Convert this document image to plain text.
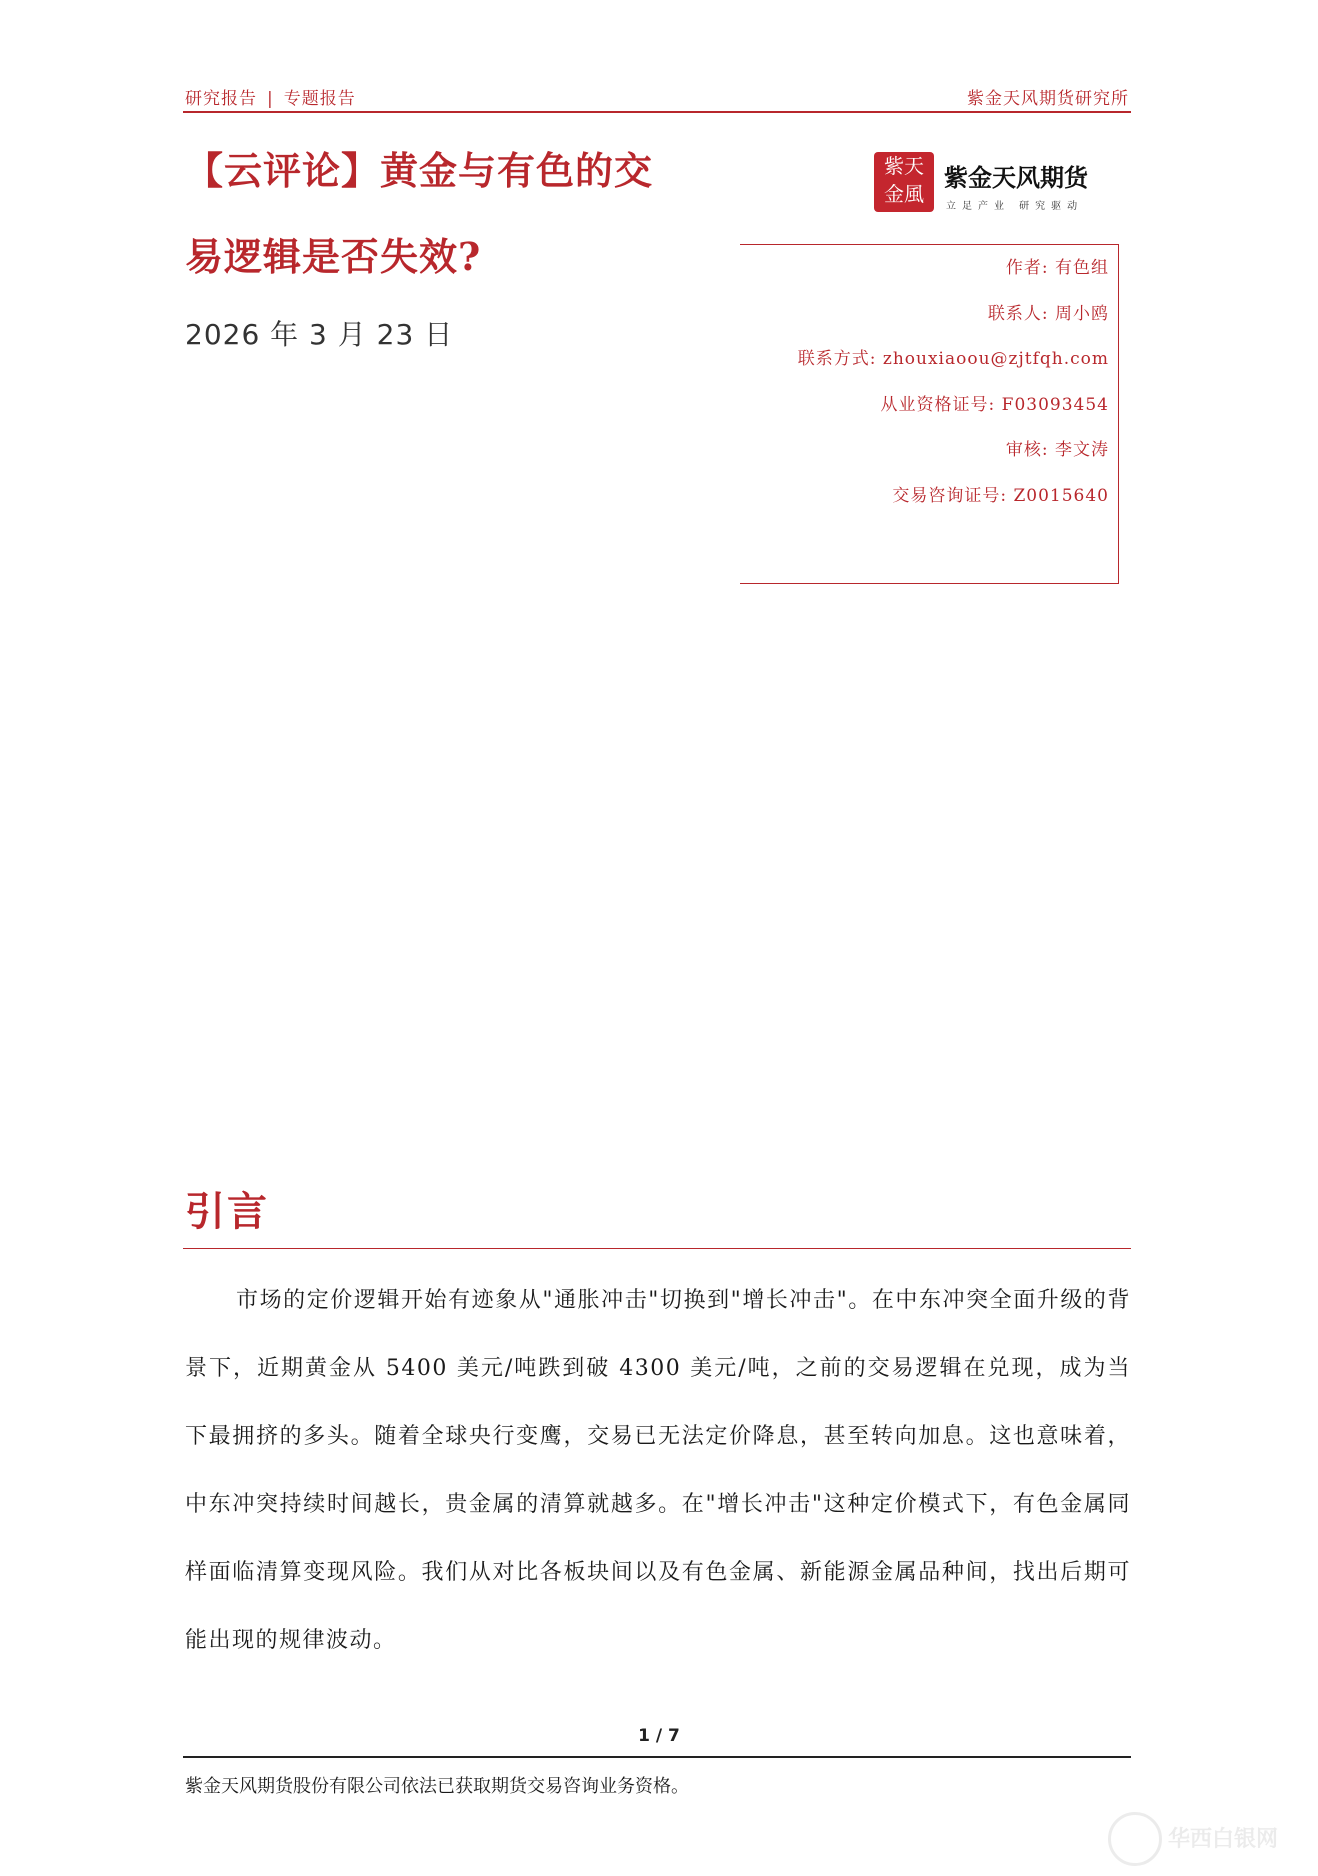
研究报告 | 专题报告	紫金天风期货研究所
【云评论】黄金与有色的交
易逻辑是否失效?
2026 年 3 月 23 日
紫天
金風
紫金天风期货
立足产业 研究驱动
作者: 有色组
联系人: 周小鸥
联系方式: zhouxiaoou@zjtfqh.com
从业资格证号: F03093454
审核: 李文涛
交易咨询证号: Z0015640
引言

市场的定价逻辑开始有迹象从"通胀冲击"切换到"增长冲击"。在中东冲突全面升级的背景下，近期黄金从 5400 美元/吨跌到破 4300 美元/吨，之前的交易逻辑在兑现，成为当下最拥挤的多头。随着全球央行变鹰，交易已无法定价降息，甚至转向加息。这也意味着，中东冲突持续时间越长，贵金属的清算就越多。在"增长冲击"这种定价模式下，有色金属同样面临清算变现风险。我们从对比各板块间以及有色金属、新能源金属品种间，找出后期可能出现的规律波动。

1 / 7
紫金天风期货股份有限公司依法已获取期货交易咨询业务资格。
华西白银网
